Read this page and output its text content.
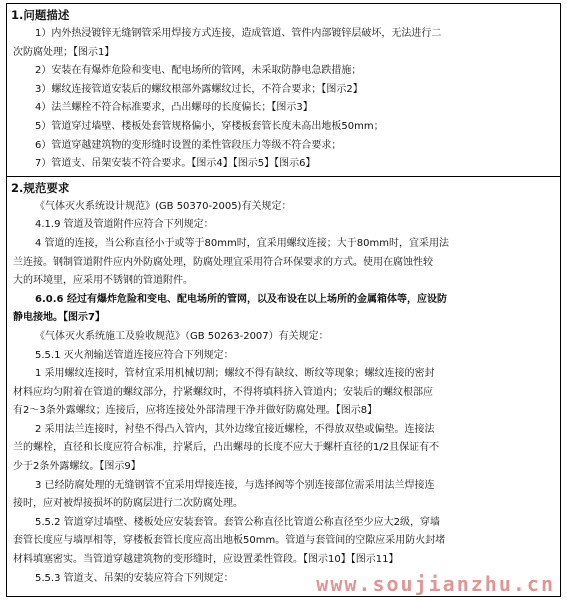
1.问题描述
1）内外热浸镀锌无缝钢管采用焊接方式连接，造成管道、管件内部镀锌层破坏，无法进行二
次防腐处理；【图示1】
2）安装在有爆炸危险和变电、配电场所的管网，未采取防静电急跌措施；
3）螺纹连接管道安装后的螺纹根部外露螺纹过长，不符合要求；【图示2】
4）法兰螺栓不符合标准要求，凸出螺母的长度偏长；【图示3】
5）管道穿过墙壁、楼板处套管规格偏小，穿楼板套管长度未高出地板50mm；
6）管道穿越建筑物的变形缝时设置的柔性管段压力等级不符合要求；
7）管道支、吊架安装不符合要求。【图示4】【图示5】【图示6】
2.规范要求
《气体灭火系统设计规范》(GB 50370-2005)有关规定：
4.1.9 管道及管道附件应符合下列规定：
4 管道的连接，当公称直径小于或等于80mm时，宜采用螺纹连接；大于80mm时，宜采用法
兰连接。钢制管道附件应内外防腐处理，防腐处理宜采用符合环保要求的方式。使用在腐蚀性较
大的环境里，应采用不锈钢的管道附件。
6.0.6 经过有爆炸危险和变电、配电场所的管网，以及布设在以上场所的金属箱体等，应设防
静电接地。【图示7】
《气体灭火系统施工及验收规范》（GB 50263-2007）有关规定：
5.5.1 灭火剂输送管道连接应符合下列规定：
1 采用螺纹连接时，管材宜采用机械切割；螺纹不得有缺纹、断纹等现象；螺纹连接的密封
材料应均匀附着在管道的螺纹部分，拧紧螺纹时，不得将填料挤入管道内；安装后的螺纹根部应
有2～3条外露螺纹；连接后，应将连接处外部清理干净并做好防腐处理。【图示8】
2 采用法兰连接时，衬垫不得凸入管内，其外边缘宜接近螺栓，不得放双垫或偏垫。连接法
兰的螺栓，直径和长度应符合标准，拧紧后，凸出螺母的长度不应大于螺杆直径的1/2且保证有不
少于2条外露螺纹。【图示9】
3 已经防腐处理的无缝钢管不宜采用焊接连接，与选择阀等个别连接部位需采用法兰焊接连
接时，应对被焊接损坏的防腐层进行二次防腐处理。
5.5.2 管道穿过墙壁、楼板处应安装套管。套管公称直径比管道公称直径至少应大2级，穿墙
套管长度应与墙厚相等，穿楼板套管长度应高出地板50mm。管道与套管间的空隙应采用防火封堵
材料填塞密实。当管道穿越建筑物的变形缝时，应设置柔性管段。【图示10】【图示11】
5.5.3 管道支、吊架的安装应符合下列规定：	www.soujianzhu.cn
